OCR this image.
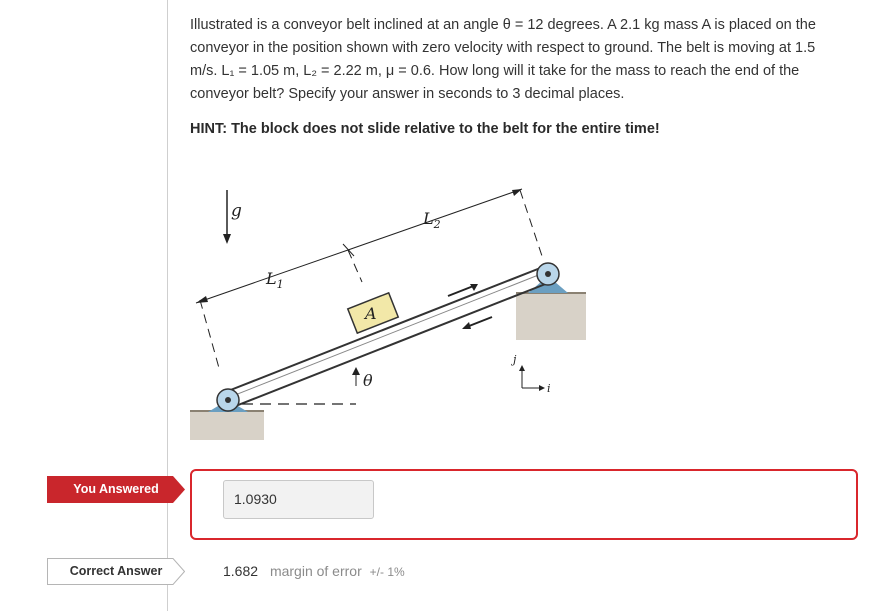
Illustrated is a conveyor belt inclined at an angle θ = 12 degrees. A 2.1 kg mass A is placed on the

conveyor in the position shown with zero velocity with respect to ground. The belt is moving at 1.5

m/s. L₁ = 1.05 m, L₂ = 2.22 m, μ = 0.6. How long will it take for the mass to reach the end of the

conveyor belt? Specify your answer in seconds to 3 decimal places.

HINT: The block does not slide relative to the belt for the entire time!
g
A
$L_1$
$L_2$
θ
j
i
You Answered
1.0930
Correct Answer	1.682 margin of error +/- 1%
